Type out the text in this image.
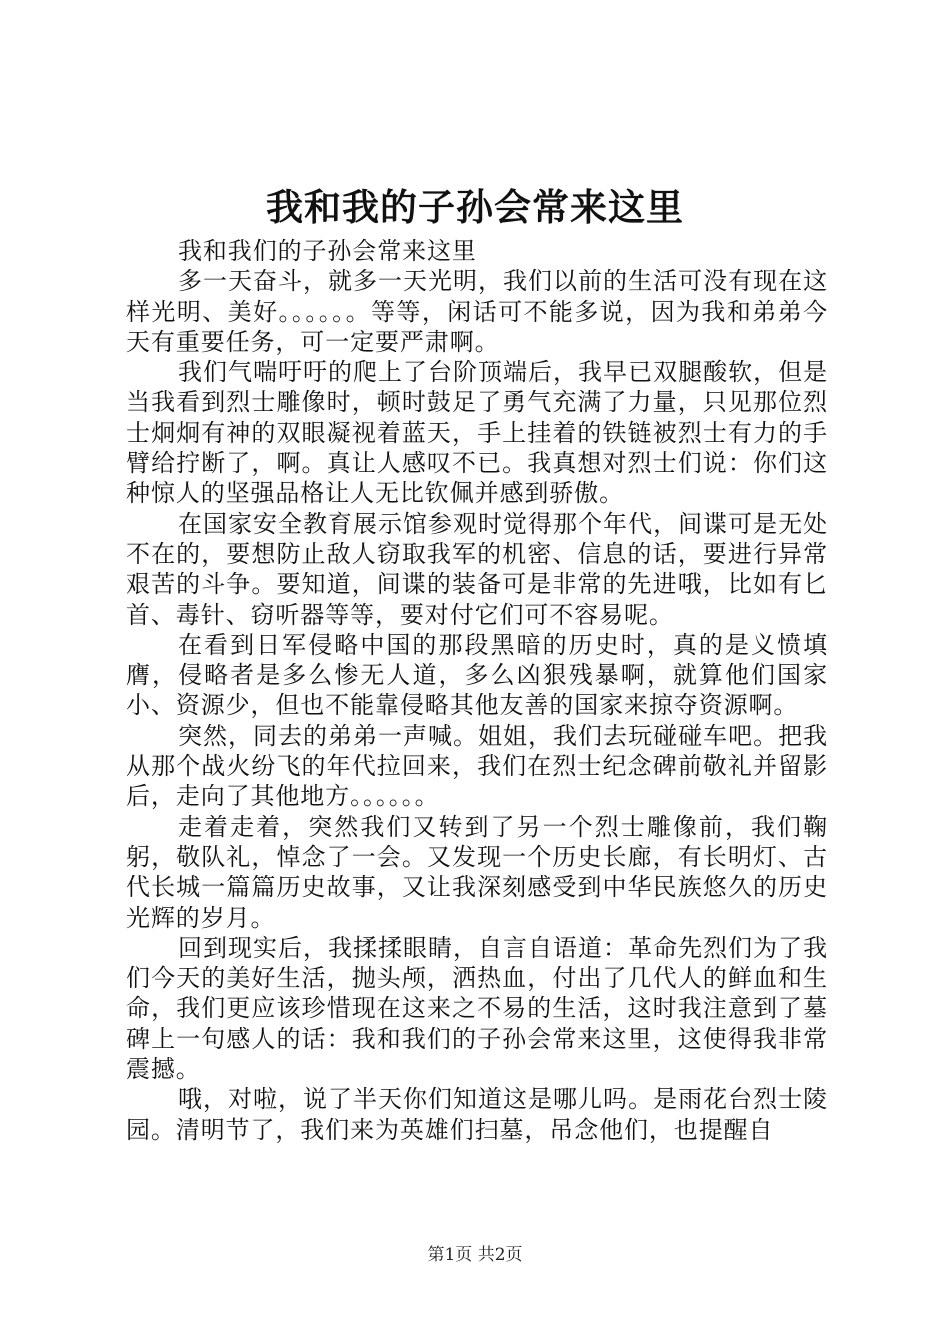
我和我的子孙会常来这里

我和我们的子孙会常来这里

多一天奋斗，就多一天光明，我们以前的生活可没有现在这样光明、美好。。。。。。等等，闲话可不能多说，因为我和弟弟今天有重要任务，可一定要严肃啊。

我们气喘吁吁的爬上了台阶顶端后，我早已双腿酸软，但是当我看到烈士雕像时，顿时鼓足了勇气充满了力量，只见那位烈士炯炯有神的双眼凝视着蓝天，手上挂着的铁链被烈士有力的手臂给拧断了，啊。真让人感叹不已。我真想对烈士们说：你们这种惊人的坚强品格让人无比钦佩并感到骄傲。

在国家安全教育展示馆参观时觉得那个年代，间谍可是无处不在的，要想防止敌人窃取我军的机密、信息的话，要进行异常艰苦的斗争。要知道，间谍的装备可是非常的先进哦，比如有匕首、毒针、窃听器等等，要对付它们可不容易呢。

在看到日军侵略中国的那段黑暗的历史时，真的是义愤填膺，侵略者是多么惨无人道，多么凶狠残暴啊，就算他们国家小、资源少，但也不能靠侵略其他友善的国家来掠夺资源啊。

突然，同去的弟弟一声喊。姐姐，我们去玩碰碰车吧。把我从那个战火纷飞的年代拉回来，我们在烈士纪念碑前敬礼并留影后，走向了其他地方。。。。。。

走着走着，突然我们又转到了另一个烈士雕像前，我们鞠躬，敬队礼，悼念了一会。又发现一个历史长廊，有长明灯、古代长城一篇篇历史故事，又让我深刻感受到中华民族悠久的历史光辉的岁月。

回到现实后，我揉揉眼睛，自言自语道：革命先烈们为了我们今天的美好生活，抛头颅，洒热血，付出了几代人的鲜血和生命，我们更应该珍惜现在这来之不易的生活，这时我注意到了墓碑上一句感人的话：我和我们的子孙会常来这里，这使得我非常震撼。

哦，对啦，说了半天你们知道这是哪儿吗。是雨花台烈士陵园。清明节了，我们来为英雄们扫墓，吊念他们，也提醒自

第1页 共2页
